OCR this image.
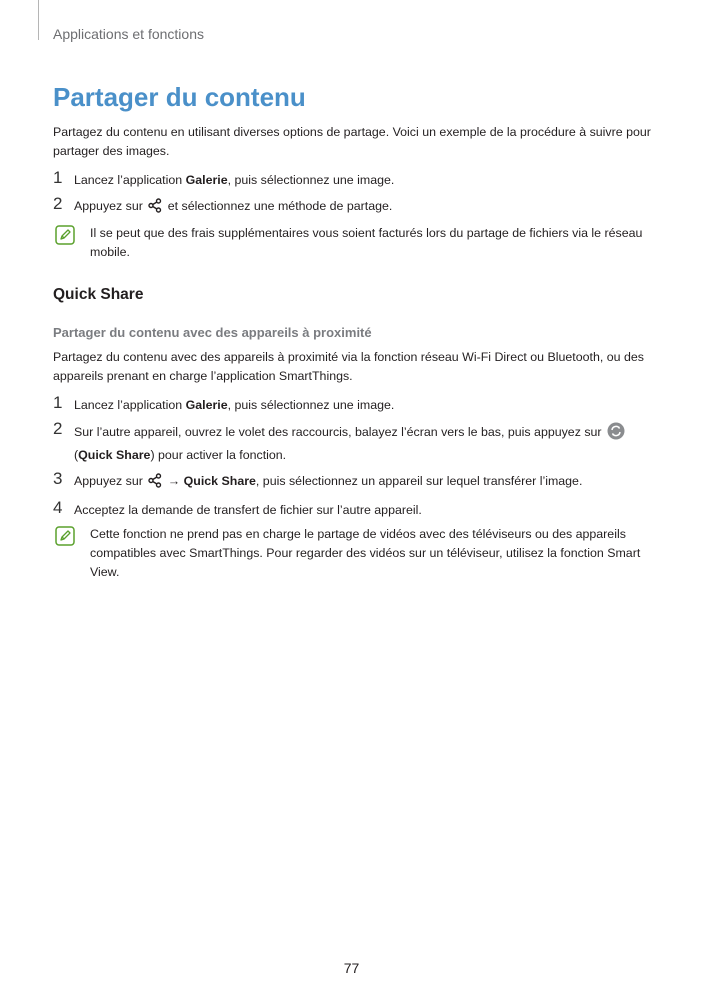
Applications et fonctions
Partager du contenu

Partagez du contenu en utilisant diverses options de partage. Voici un exemple de la procédure à suivre pour partager des images.

1 Lancez l’application Galerie, puis sélectionnez une image.
2 Appuyez sur  et sélectionnez une méthode de partage.

Il se peut que des frais supplémentaires vous soient facturés lors du partage de fichiers via le réseau mobile.

Quick Share
Partager du contenu avec des appareils à proximité

Partagez du contenu avec des appareils à proximité via la fonction réseau Wi-Fi Direct ou Bluetooth, ou des appareils prenant en charge l’application SmartThings.

1 Lancez l’application Galerie, puis sélectionnez une image.
2 Sur l’autre appareil, ouvrez le volet des raccourcis, balayez l’écran vers le bas, puis appuyez sur  (Quick Share) pour activer la fonction.
3 Appuyez sur  → Quick Share, puis sélectionnez un appareil sur lequel transférer l’image.
4 Acceptez la demande de transfert de fichier sur l’autre appareil.

Cette fonction ne prend pas en charge le partage de vidéos avec des téléviseurs ou des appareils compatibles avec SmartThings. Pour regarder des vidéos sur un téléviseur, utilisez la fonction Smart View.

77
